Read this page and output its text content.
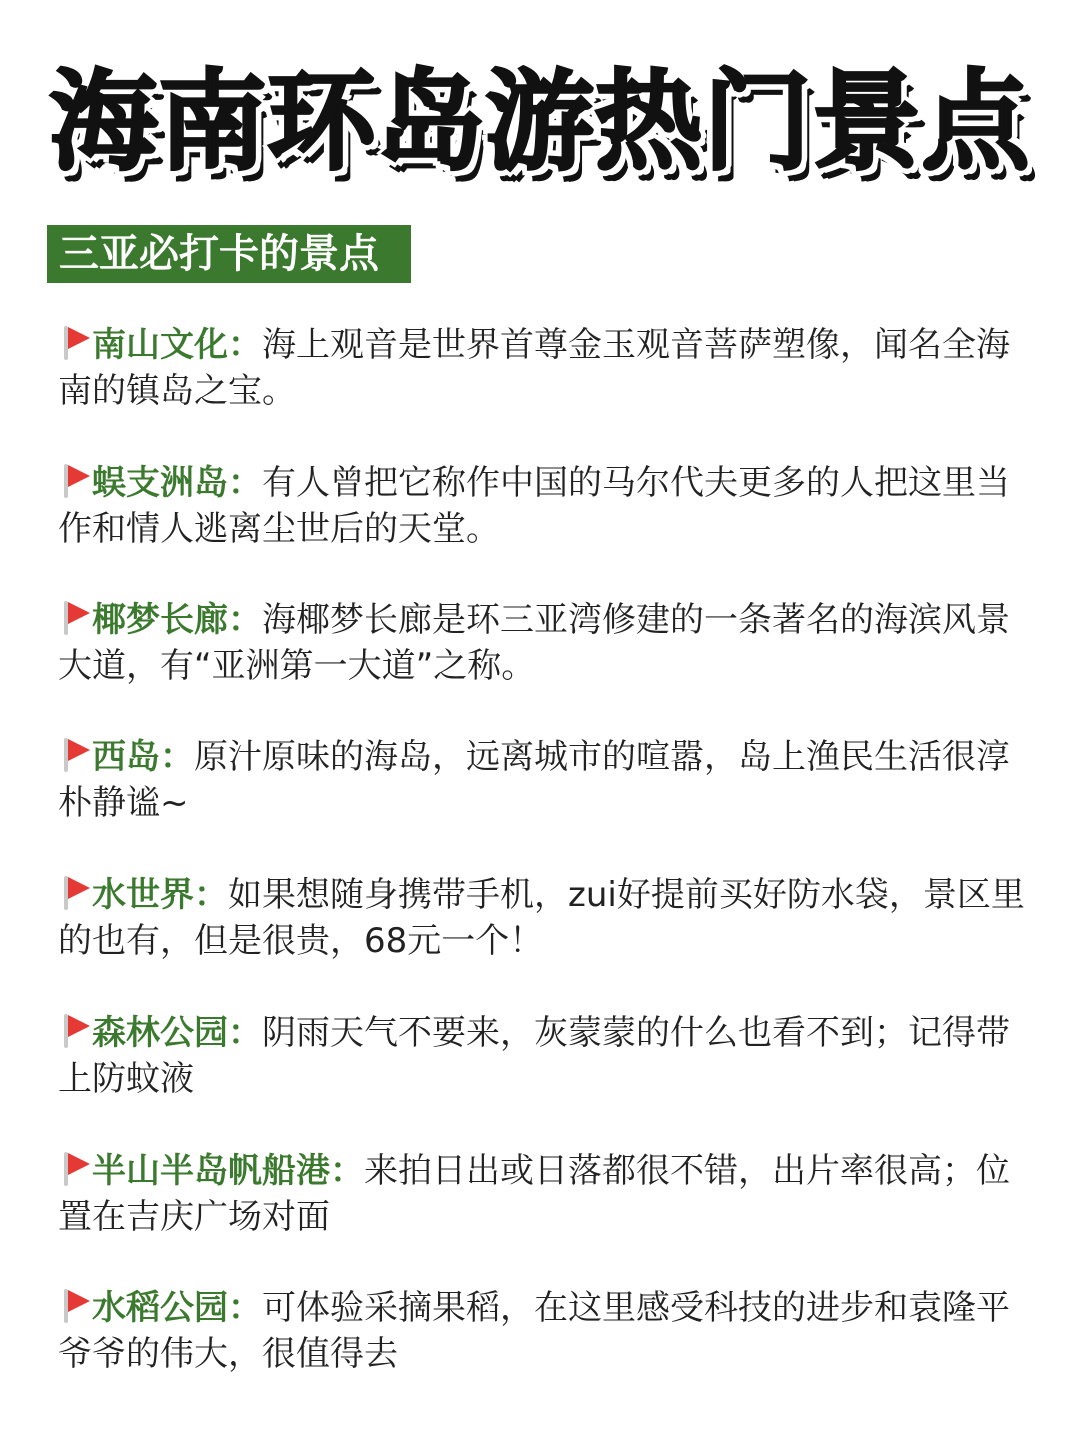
海南环岛游热门景点
三亚必打卡的景点
南山文化：海上观音是世界首尊金玉观音菩萨塑像，闻名全海南的镇岛之宝。
蜈支洲岛：有人曾把它称作中国的马尔代夫更多的人把这里当作和情人逃离尘世后的天堂。
椰梦长廊：海椰梦长廊是环三亚湾修建的一条著名的海滨风景大道，有“亚洲第一大道”之称。
西岛：原汁原味的海岛，远离城市的喧嚣，岛上渔民生活很淳朴静谧~
水世界：如果想随身携带手机，zui好提前买好防水袋，景区里的也有，但是很贵，68元一个！
森林公园：阴雨天气不要来，灰蒙蒙的什么也看不到；记得带上防蚊液
半山半岛帆船港：来拍日出或日落都很不错，出片率很高；位置在吉庆广场对面
水稻公园：可体验采摘果稻，在这里感受科技的进步和袁隆平爷爷的伟大，很值得去
